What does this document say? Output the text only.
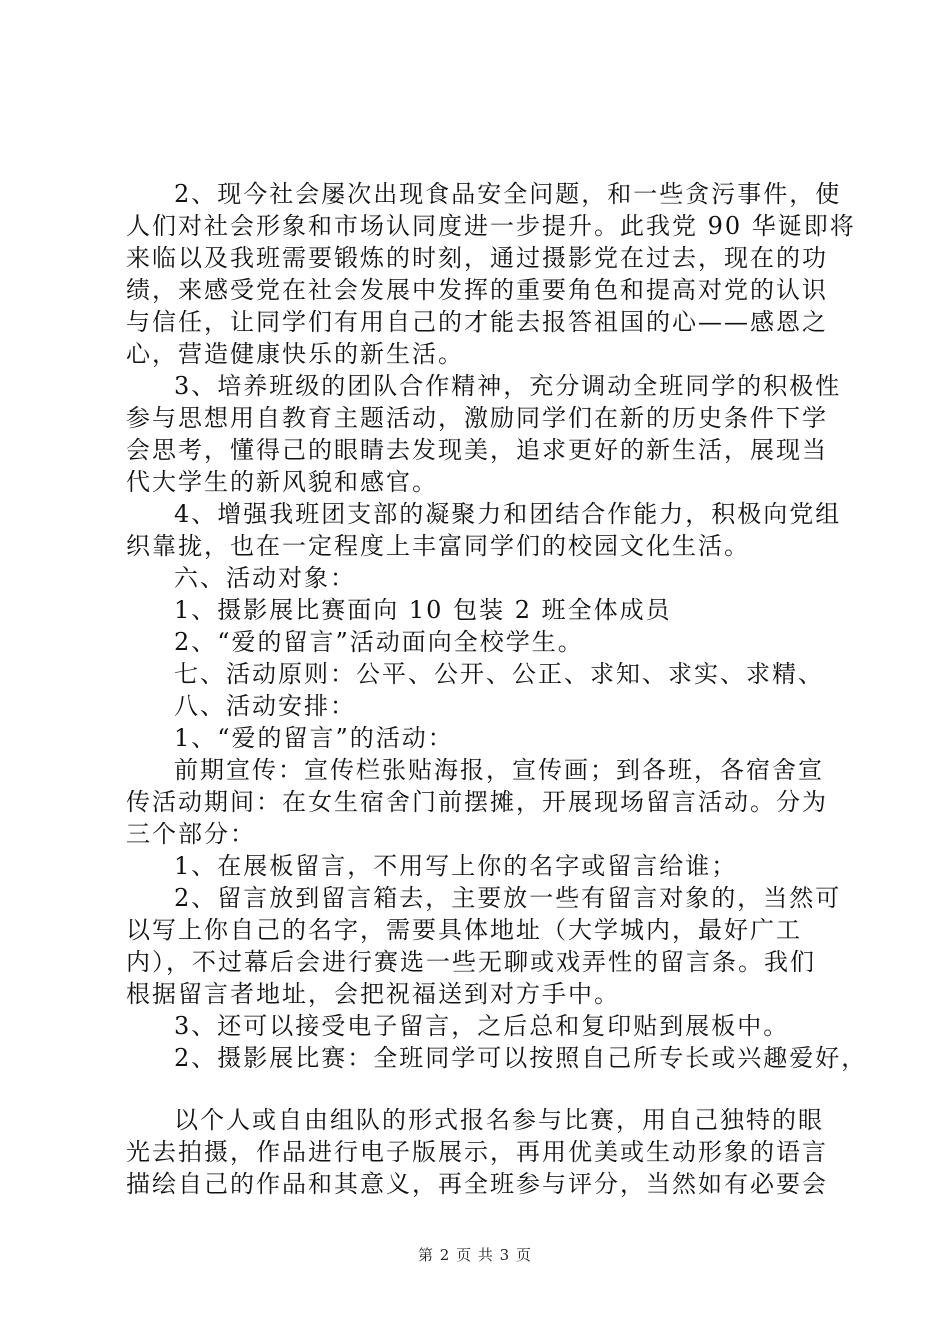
2、现今社会屡次出现食品安全问题，和一些贪污事件，使
人们对社会形象和市场认同度进一步提升。此我党 90 华诞即将
来临以及我班需要锻炼的时刻，通过摄影党在过去，现在的功
绩，来感受党在社会发展中发挥的重要角色和提高对党的认识
与信任，让同学们有用自己的才能去报答祖国的心——感恩之
心，营造健康快乐的新生活。
3、培养班级的团队合作精神，充分调动全班同学的积极性
参与思想用自教育主题活动，激励同学们在新的历史条件下学
会思考，懂得己的眼睛去发现美，追求更好的新生活，展现当
代大学生的新风貌和感官。
4、增强我班团支部的凝聚力和团结合作能力，积极向党组
织靠拢，也在一定程度上丰富同学们的校园文化生活。
六、活动对象：
1、摄影展比赛面向 10 包装 2 班全体成员
2、“爱的留言”活动面向全校学生。
七、活动原则：公平、公开、公正、求知、求实、求精、
八、活动安排：
1、“爱的留言”的活动：
前期宣传：宣传栏张贴海报，宣传画；到各班，各宿舍宣
传活动期间：在女生宿舍门前摆摊，开展现场留言活动。分为
三个部分：
1、在展板留言，不用写上你的名字或留言给谁；
2、留言放到留言箱去，主要放一些有留言对象的，当然可
以写上你自己的名字，需要具体地址（大学城内，最好广工
内），不过幕后会进行赛选一些无聊或戏弄性的留言条。我们
根据留言者地址，会把祝福送到对方手中。
3、还可以接受电子留言，之后总和复印贴到展板中。
2、摄影展比赛：全班同学可以按照自己所专长或兴趣爱好，
以个人或自由组队的形式报名参与比赛，用自己独特的眼
光去拍摄，作品进行电子版展示，再用优美或生动形象的语言
描绘自己的作品和其意义，再全班参与评分，当然如有必要会
第 2 页 共 3 页
